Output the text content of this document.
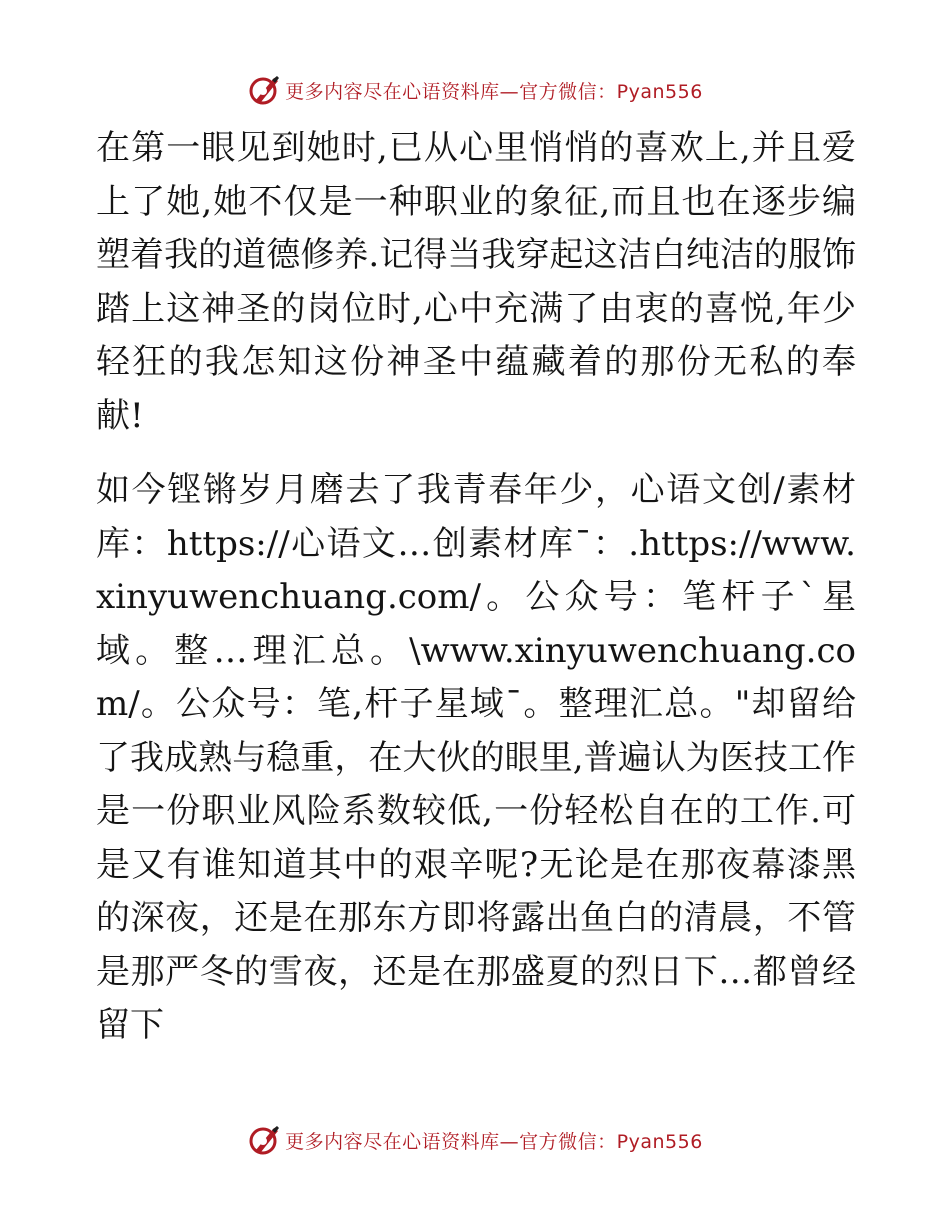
更多内容尽在心语资料库—官方微信：Pyan556

在第一眼见到她时,已从心里悄悄的喜欢上,并且爱上了她,她不仅是一种职业的象征,而且也在逐步编塑着我的道德修养.记得当我穿起这洁白纯洁的服饰踏上这神圣的岗位时,心中充满了由衷的喜悦,年少轻狂的我怎知这份神圣中蕴藏着的那份无私的奉献!

如今铿锵岁月磨去了我青春年少，心语文创/素材库：https://心语文…创素材库¯：.https://www.xinyuwenchuang.com/。公众号：笔杆子`星域。整…理汇总。\www.xinyuwenchuang.com/。公众号：笔,杆子星域¯。整理汇总。"却留给了我成熟与稳重，在大伙的眼里,普遍认为医技工作是一份职业风险系数较低,一份轻松自在的工作.可是又有谁知道其中的艰辛呢?无论是在那夜幕漆黑的深夜，还是在那东方即将露出鱼白的清晨，不管是那严冬的雪夜，还是在那盛夏的烈日下…都曾经留下

更多内容尽在心语资料库—官方微信：Pyan556
